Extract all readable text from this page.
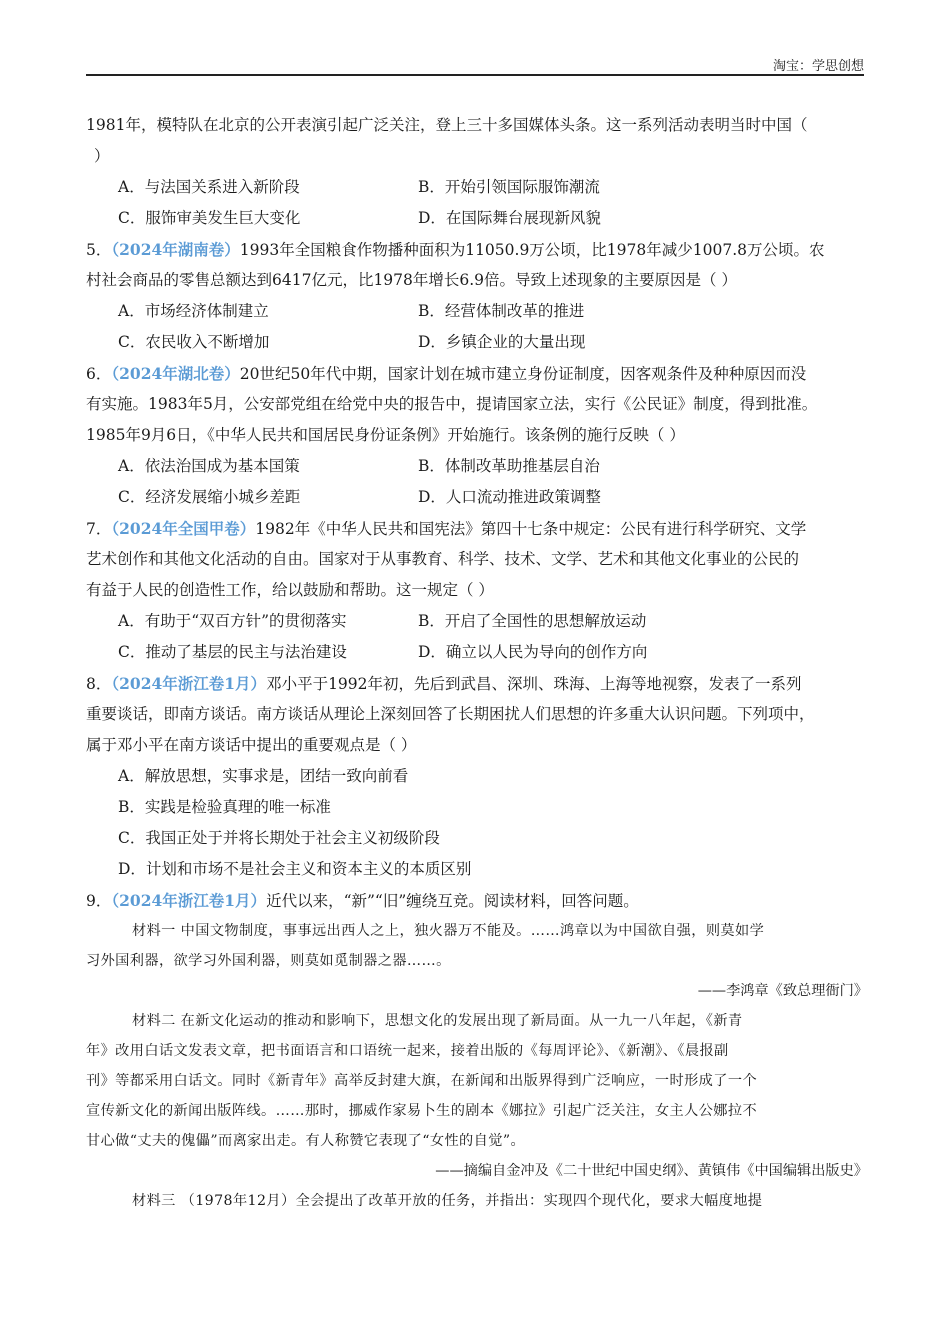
淘宝：学思创想
1981年，模特队在北京的公开表演引起广泛关注，登上三十多国媒体头条。这一系列活动表明当时中国（
）
A．与法国关系进入新阶段	B．开始引领国际服饰潮流
C．服饰审美发生巨大变化	D．在国际舞台展现新风貌
5．（2024年湖南卷）1993年全国粮食作物播种面积为11050.9万公顷，比1978年减少1007.8万公顷。农
村社会商品的零售总额达到6417亿元，比1978年增长6.9倍。导致上述现象的主要原因是（ ）
A．市场经济体制建立	B．经营体制改革的推进
C．农民收入不断增加	D．乡镇企业的大量出现
6．（2024年湖北卷）20世纪50年代中期，国家计划在城市建立身份证制度，因客观条件及种种原因而没
有实施。1983年5月，公安部党组在给党中央的报告中，提请国家立法，实行《公民证》制度，得到批准。
1985年9月6日，《中华人民共和国居民身份证条例》开始施行。该条例的施行反映（ ）
A．依法治国成为基本国策	B．体制改革助推基层自治
C．经济发展缩小城乡差距	D．人口流动推进政策调整
7．（2024年全国甲卷）1982年《中华人民共和国宪法》第四十七条中规定：公民有进行科学研究、文学
艺术创作和其他文化活动的自由。国家对于从事教育、科学、技术、文学、艺术和其他文化事业的公民的
有益于人民的创造性工作，给以鼓励和帮助。这一规定（ ）
A．有助于“双百方针”的贯彻落实	B．开启了全国性的思想解放运动
C．推动了基层的民主与法治建设	D．确立以人民为导向的创作方向
8．（2024年浙江卷1月）邓小平于1992年初，先后到武昌、深圳、珠海、上海等地视察，发表了一系列
重要谈话，即南方谈话。南方谈话从理论上深刻回答了长期困扰人们思想的许多重大认识问题。下列项中，
属于邓小平在南方谈话中提出的重要观点是（ ）
A．解放思想，实事求是，团结一致向前看
B．实践是检验真理的唯一标准
C．我国正处于并将长期处于社会主义初级阶段
D．计划和市场不是社会主义和资本主义的本质区别
9．（2024年浙江卷1月）近代以来，“新”“旧”缠绕互竞。阅读材料，回答问题。
材料一 中国文物制度，事事远出西人之上，独火器万不能及。……鸿章以为中国欲自强，则莫如学
习外国利器，欲学习外国利器，则莫如觅制器之器……。
——李鸿章《致总理衙门》
材料二 在新文化运动的推动和影响下，思想文化的发展出现了新局面。从一九一八年起，《新青
年》改用白话文发表文章，把书面语言和口语统一起来，接着出版的《每周评论》、《新潮》、《晨报副
刊》等都采用白话文。同时《新青年》高举反封建大旗，在新闻和出版界得到广泛响应，一时形成了一个
宣传新文化的新闻出版阵线。……那时，挪威作家易卜生的剧本《娜拉》引起广泛关注，女主人公娜拉不
甘心做“丈夫的傀儡”而离家出走。有人称赞它表现了“女性的自觉”。
——摘编自金冲及《二十世纪中国史纲》、黄镇伟《中国编辑出版史》
材料三 （1978年12月）全会提出了改革开放的任务，并指出：实现四个现代化，要求大幅度地提
